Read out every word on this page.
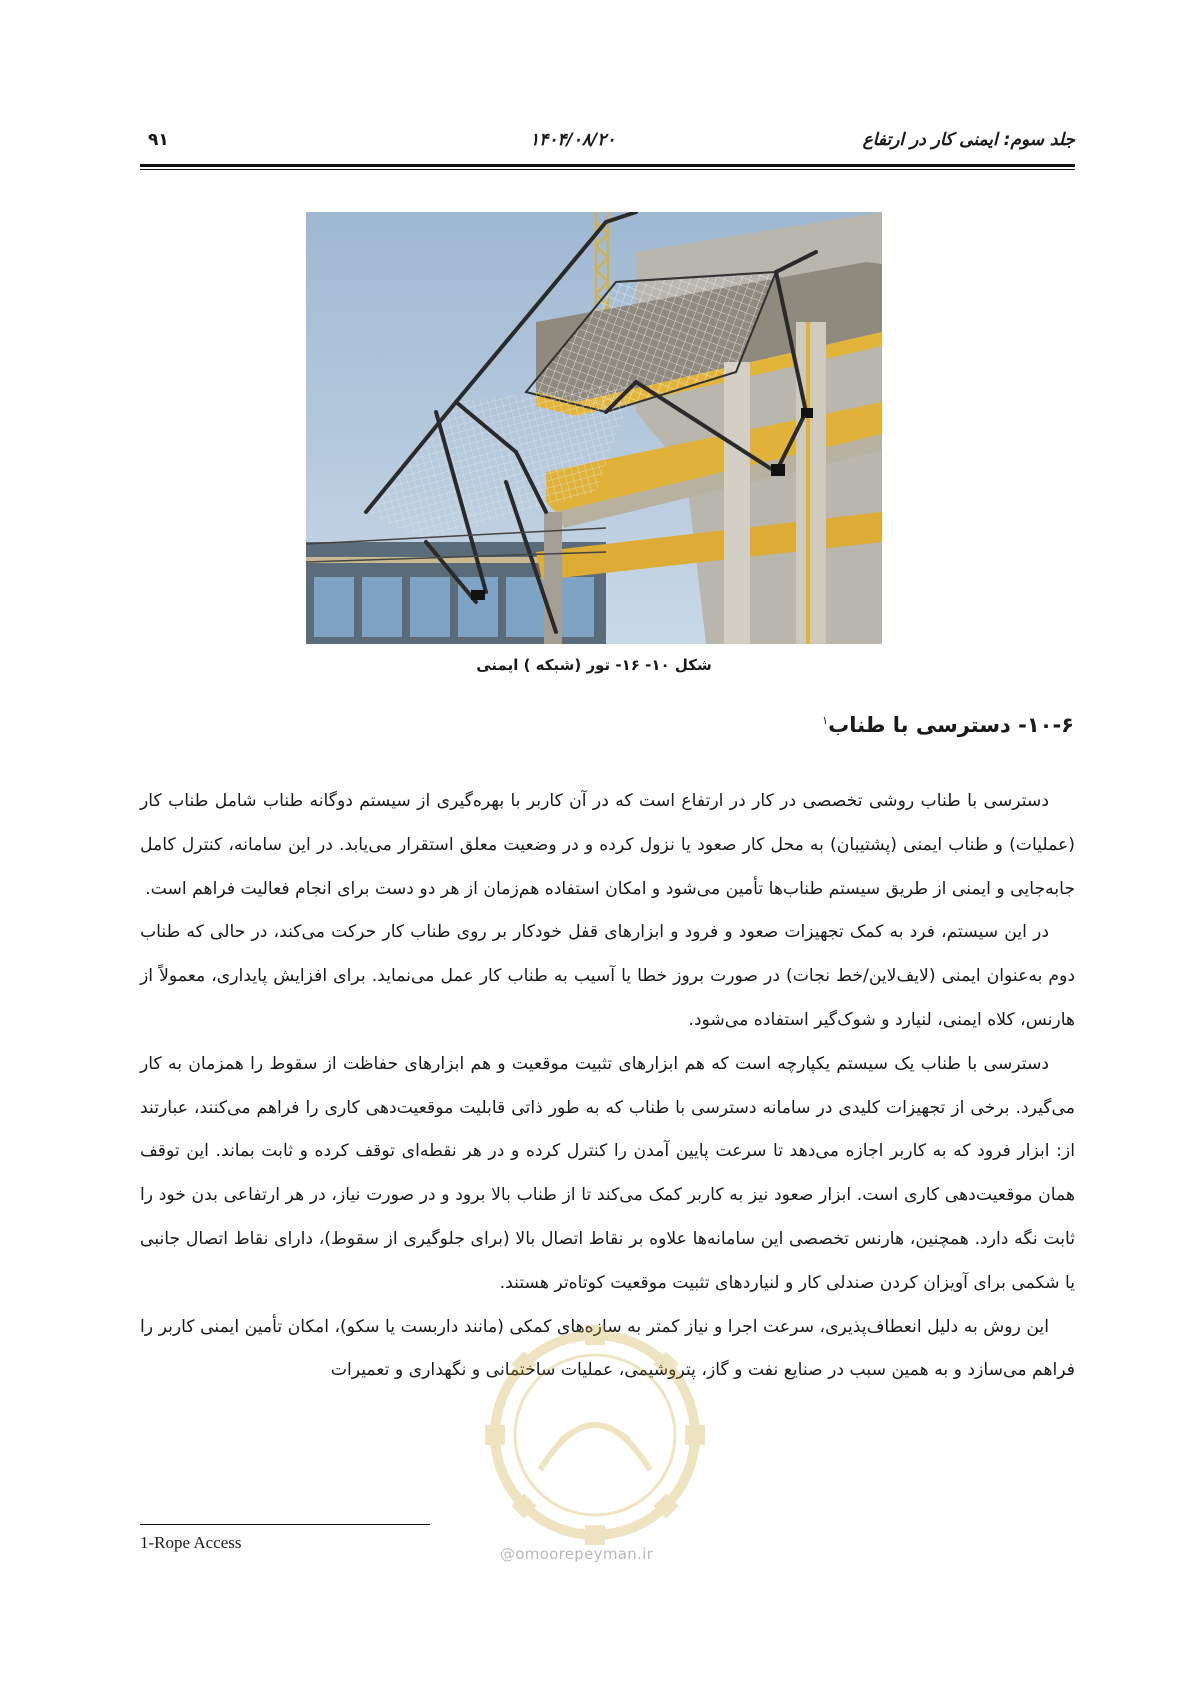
جلد سوم: ایمنی کار در ارتفاع
۱۴۰۴/۰۸/۲۰
۹۱
شکل ۱۰- ۱۶- تور (شبکه ) ایمنی
۱۰-۶- دسترسی با طناب$^۱$

دسترسی با طناب روشی تخصصی در کار در ارتفاع است که در آن کاربر با بهره‌گیری از سیستم دوگانه طناب شامل طناب کار (عملیات) و طناب ایمنی (پشتیبان) به محل کار صعود یا نزول کرده و در وضعیت معلق استقرار می‌یابد. در این سامانه، کنترل کامل جابه‌جایی و ایمنی از طریق سیستم طناب‌ها تأمین می‌شود و امکان استفاده هم‌زمان از هر دو دست برای انجام فعالیت فراهم است.

در این سیستم، فرد به کمک تجهیزات صعود و فرود و ابزارهای قفل خودکار بر روی طناب کار حرکت می‌کند، در حالی که طناب دوم به‌عنوان ایمنی (لایف‌لاین/خط نجات) در صورت بروز خطا یا آسیب به طناب کار عمل می‌نماید. برای افزایش پایداری، معمولاً از هارنس، کلاه ایمنی، لنیارد و شوک‌گیر استفاده می‌شود.

دسترسی با طناب یک سیستم یکپارچه است که هم ابزارهای تثبیت موقعیت و هم ابزارهای حفاظت از سقوط را همزمان به کار می‌گیرد. برخی از تجهیزات کلیدی در سامانه دسترسی با طناب که به طور ذاتی قابلیت موقعیت‌دهی کاری را فراهم می‌کنند، عبارتند از: ابزار فرود که به کاربر اجازه می‌دهد تا سرعت پایین آمدن را کنترل کرده و در هر نقطه‌ای توقف کرده و ثابت بماند. این توقف همان موقعیت‌دهی کاری است. ابزار صعود نیز به کاربر کمک می‌کند تا از طناب بالا برود و در صورت نیاز، در هر ارتفاعی بدن خود را ثابت نگه دارد. همچنین، هارنس تخصصی این سامانه‌ها علاوه بر نقاط اتصال بالا (برای جلوگیری از سقوط)، دارای نقاط اتصال جانبی یا شکمی برای آویزان کردن صندلی کار و لنیاردهای تثبیت موقعیت کوتاه‌تر هستند.

این روش به دلیل انعطاف‌پذیری، سرعت اجرا و نیاز کمتر به سازه‌های کمکی (مانند داربست یا سکو)، امکان تأمین ایمنی کاربر را فراهم می‌سازد و به همین سبب در صنایع نفت و گاز، پتروشیمی، عملیات ساختمانی و نگهداری و تعمیرات

@omoorepeyman.ir
1-Rope Access
